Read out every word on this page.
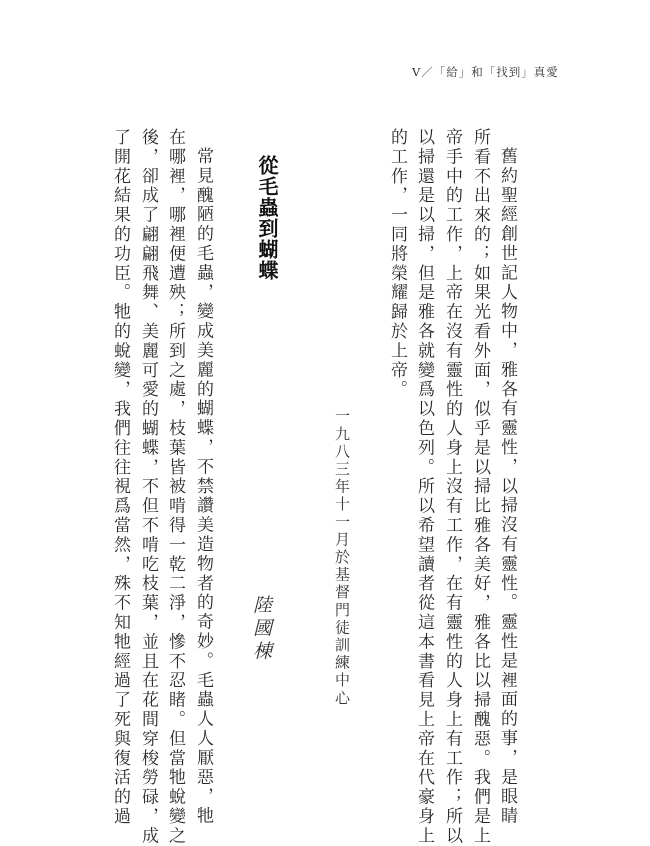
V／「給」和「找到」真愛
舊約聖經創世記人物中，雅各有靈性，以掃沒有靈性。靈性是裡面的事，是眼睛
所看不出來的；如果光看外面，似乎是以掃比雅各美好，雅各比以掃醜惡。我們是上
帝手中的工作，上帝在沒有靈性的人身上沒有工作，在有靈性的人身上有工作；所以
以掃還是以掃，但是雅各就變爲以色列。所以希望讀者從這本書看見上帝在代豪身上
的工作，一同將榮耀歸於上帝。
一九八三年十一月於基督門徒訓練中心
陸國棟
從毛蟲到蝴蝶
常見醜陋的毛蟲，變成美麗的蝴蝶，不禁讚美造物者的奇妙。毛蟲人人厭惡，牠
在哪裡，哪裡便遭殃；所到之處，枝葉皆被啃得一乾二淨，慘不忍睹。但當牠蛻變之
後，卻成了翩翩飛舞、美麗可愛的蝴蝶，不但不啃吃枝葉，並且在花間穿梭勞碌，成
了開花結果的功臣。牠的蛻變，我們往往視爲當然，殊不知牠經過了死與復活的過
